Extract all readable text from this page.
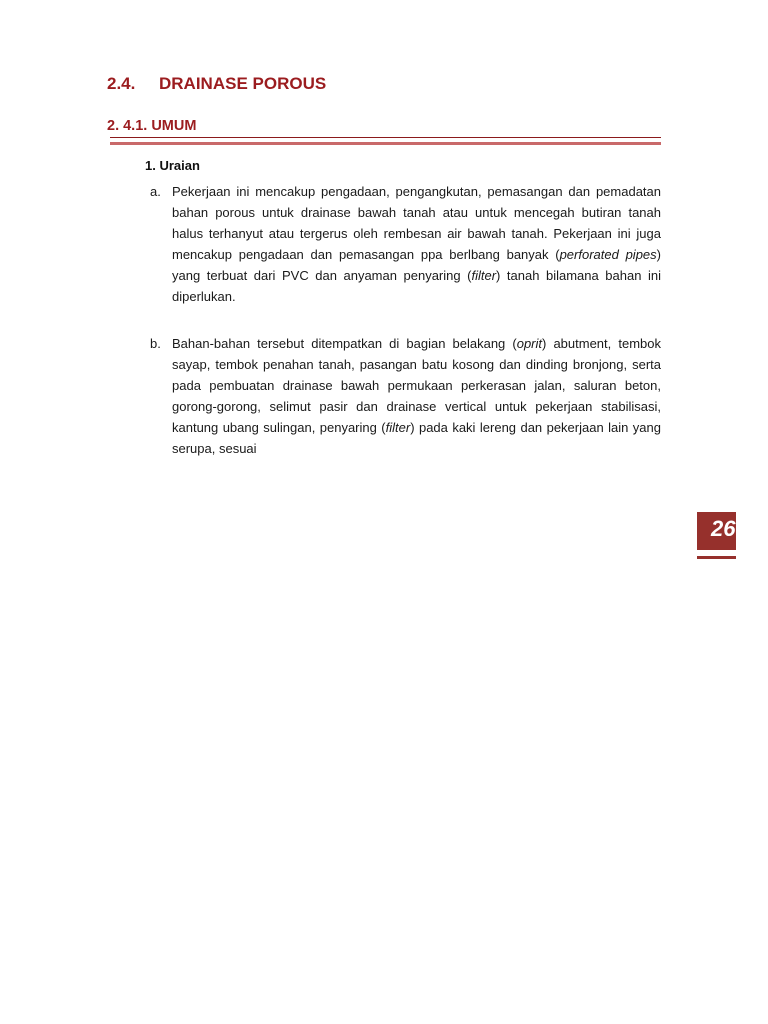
2.4. DRAINASE POROUS
2. 4.1. UMUM
1. Uraian
a. Pekerjaan ini mencakup pengadaan, pengangkutan, pemasangan dan pemadatan bahan porous untuk drainase bawah tanah atau untuk mencegah butiran tanah halus terhanyut atau tergerus oleh rembesan air bawah tanah. Pekerjaan ini juga mencakup pengadaan dan pemasangan ppa berlbang banyak (perforated pipes) yang terbuat dari PVC dan anyaman penyaring (filter) tanah bilamana bahan ini diperlukan.
b. Bahan-bahan tersebut ditempatkan di bagian belakang (oprit) abutment, tembok sayap, tembok penahan tanah, pasangan batu kosong dan dinding bronjong, serta pada pembuatan drainase bawah permukaan perkerasan jalan, saluran beton, gorong-gorong, selimut pasir dan drainase vertical untuk pekerjaan stabilisasi, kantung ubang sulingan, penyaring (filter) pada kaki lereng dan pekerjaan lain yang serupa, sesuai
26
